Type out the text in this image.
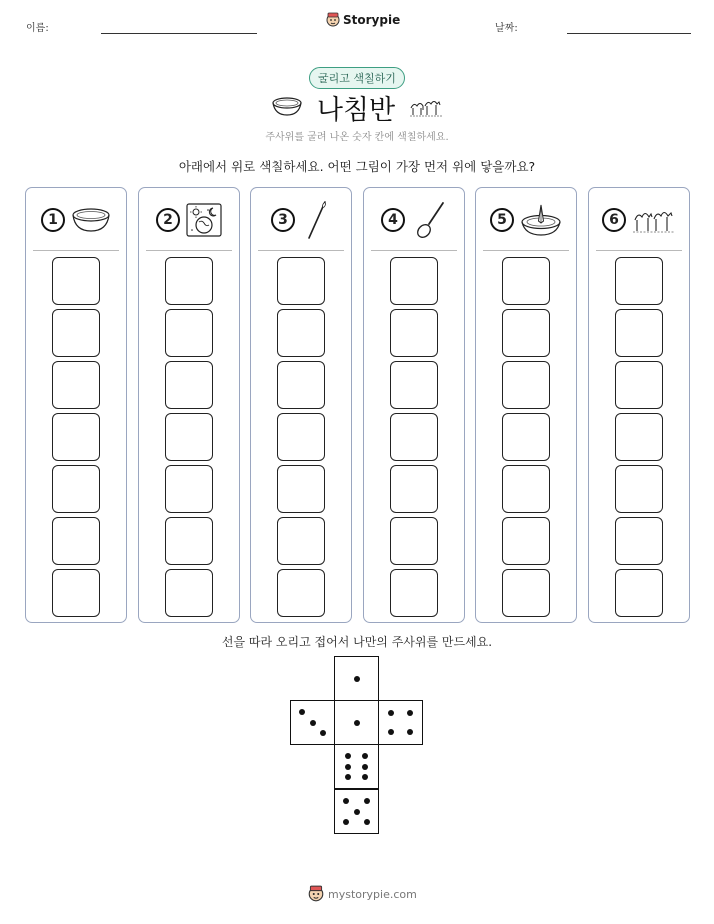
이름:
Storypie
날짜:
굴리고 색칠하기
나침반
주사위를 굴려 나온 숫자 칸에 색칠하세요.
아래에서 위로 색칠하세요. 어떤 그림이 가장 먼저 위에 닿을까요?
1	2	3	4	5	6
선을 따라 오리고 접어서 나만의 주사위를 만드세요.
mystorypie.com
